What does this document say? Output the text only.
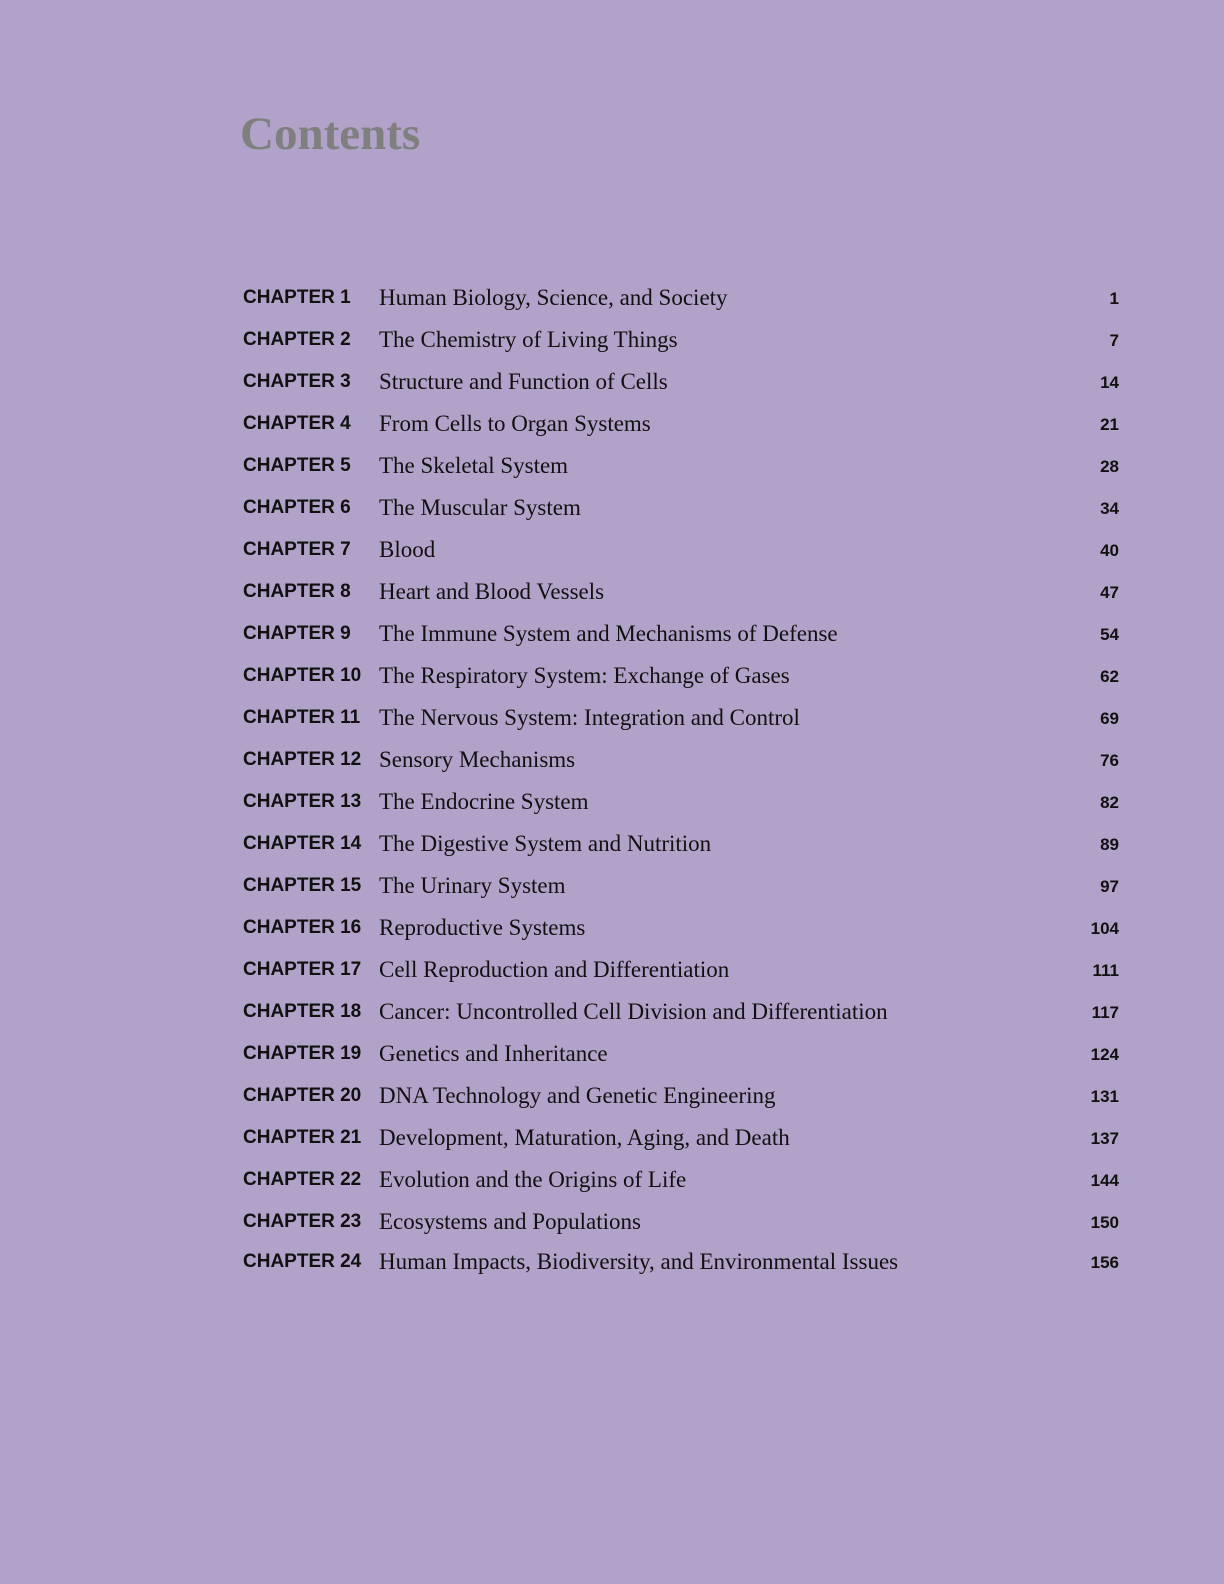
Contents
CHAPTER 1	Human Biology, Science, and Society	1
CHAPTER 2	The Chemistry of Living Things	7
CHAPTER 3	Structure and Function of Cells	14
CHAPTER 4	From Cells to Organ Systems	21
CHAPTER 5	The Skeletal System	28
CHAPTER 6	The Muscular System	34
CHAPTER 7	Blood	40
CHAPTER 8	Heart and Blood Vessels	47
CHAPTER 9	The Immune System and Mechanisms of Defense	54
CHAPTER 10 The Respiratory System: Exchange of Gases	62
CHAPTER 11 The Nervous System: Integration and Control	69
CHAPTER 12 Sensory Mechanisms	76
CHAPTER 13 The Endocrine System	82
CHAPTER 14 The Digestive System and Nutrition	89
CHAPTER 15 The Urinary System	97
CHAPTER 16 Reproductive Systems	104
CHAPTER 17 Cell Reproduction and Differentiation	111
CHAPTER 18 Cancer: Uncontrolled Cell Division and Differentiation	117
CHAPTER 19 Genetics and Inheritance	124
CHAPTER 20 DNA Technology and Genetic Engineering	131
CHAPTER 21 Development, Maturation, Aging, and Death	137
CHAPTER 22 Evolution and the Origins of Life	144
CHAPTER 23 Ecosystems and Populations	150
CHAPTER 24 Human Impacts, Biodiversity, and Environmental Issues	156
